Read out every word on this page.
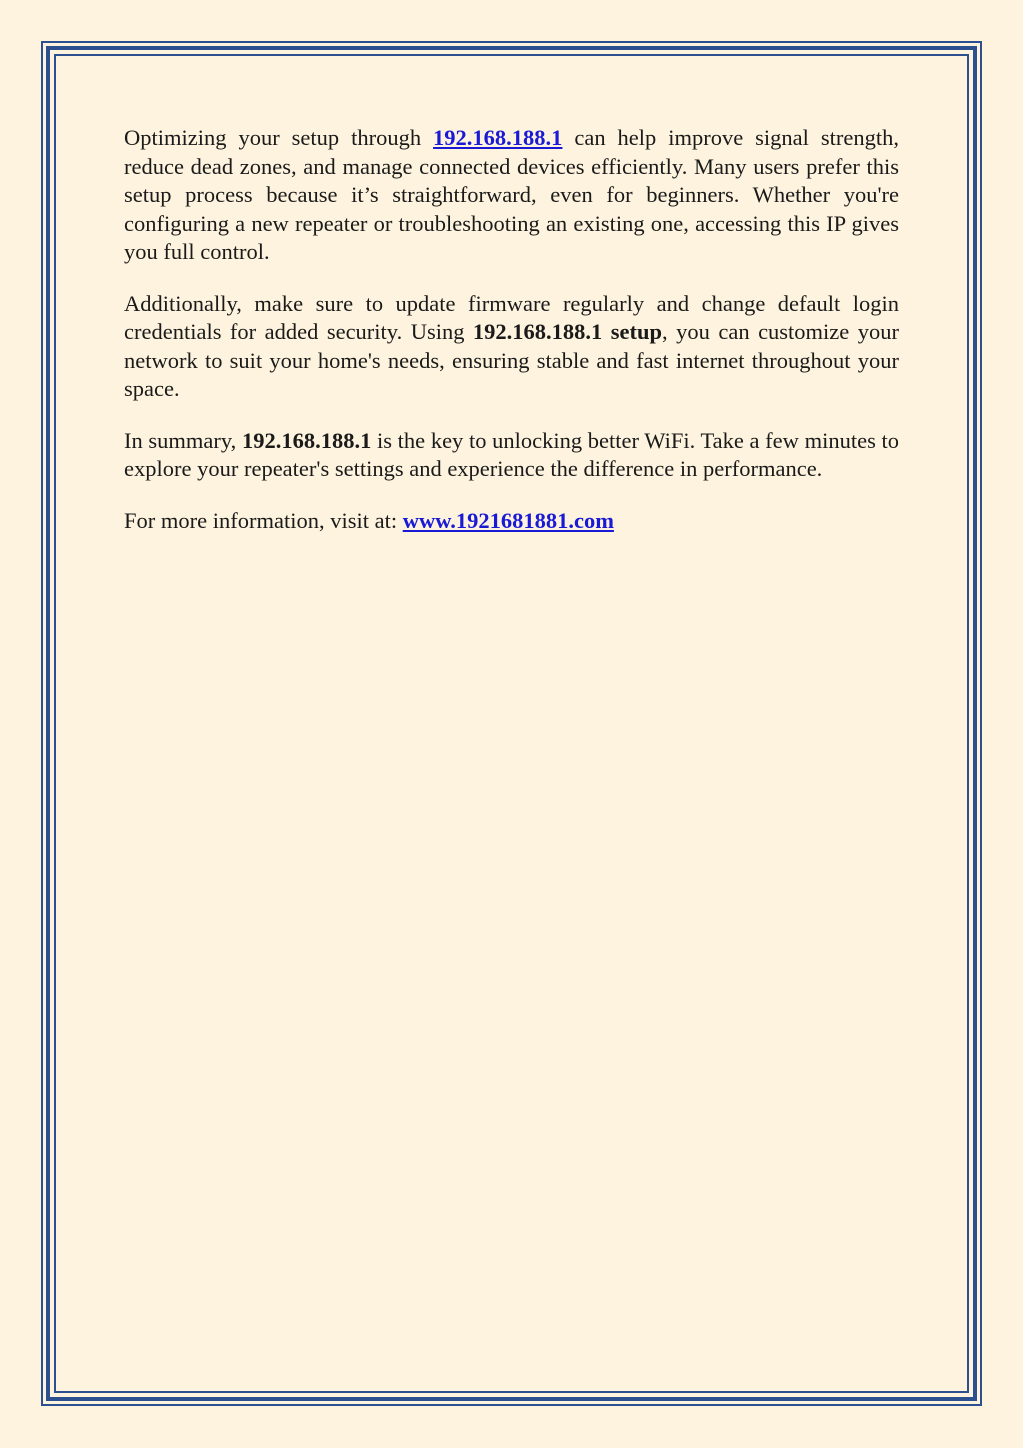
Optimizing your setup through 192.168.188.1 can help improve signal strength, reduce dead zones, and manage connected devices efficiently. Many users prefer this setup process because it’s straightforward, even for beginners. Whether you're configuring a new repeater or troubleshooting an existing one, accessing this IP gives you full control.

Additionally, make sure to update firmware regularly and change default login credentials for added security. Using 192.168.188.1 setup, you can customize your network to suit your home's needs, ensuring stable and fast internet throughout your space.

In summary, 192.168.188.1 is the key to unlocking better WiFi. Take a few minutes to explore your repeater's settings and experience the difference in performance.

For more information, visit at: www.1921681881.com
